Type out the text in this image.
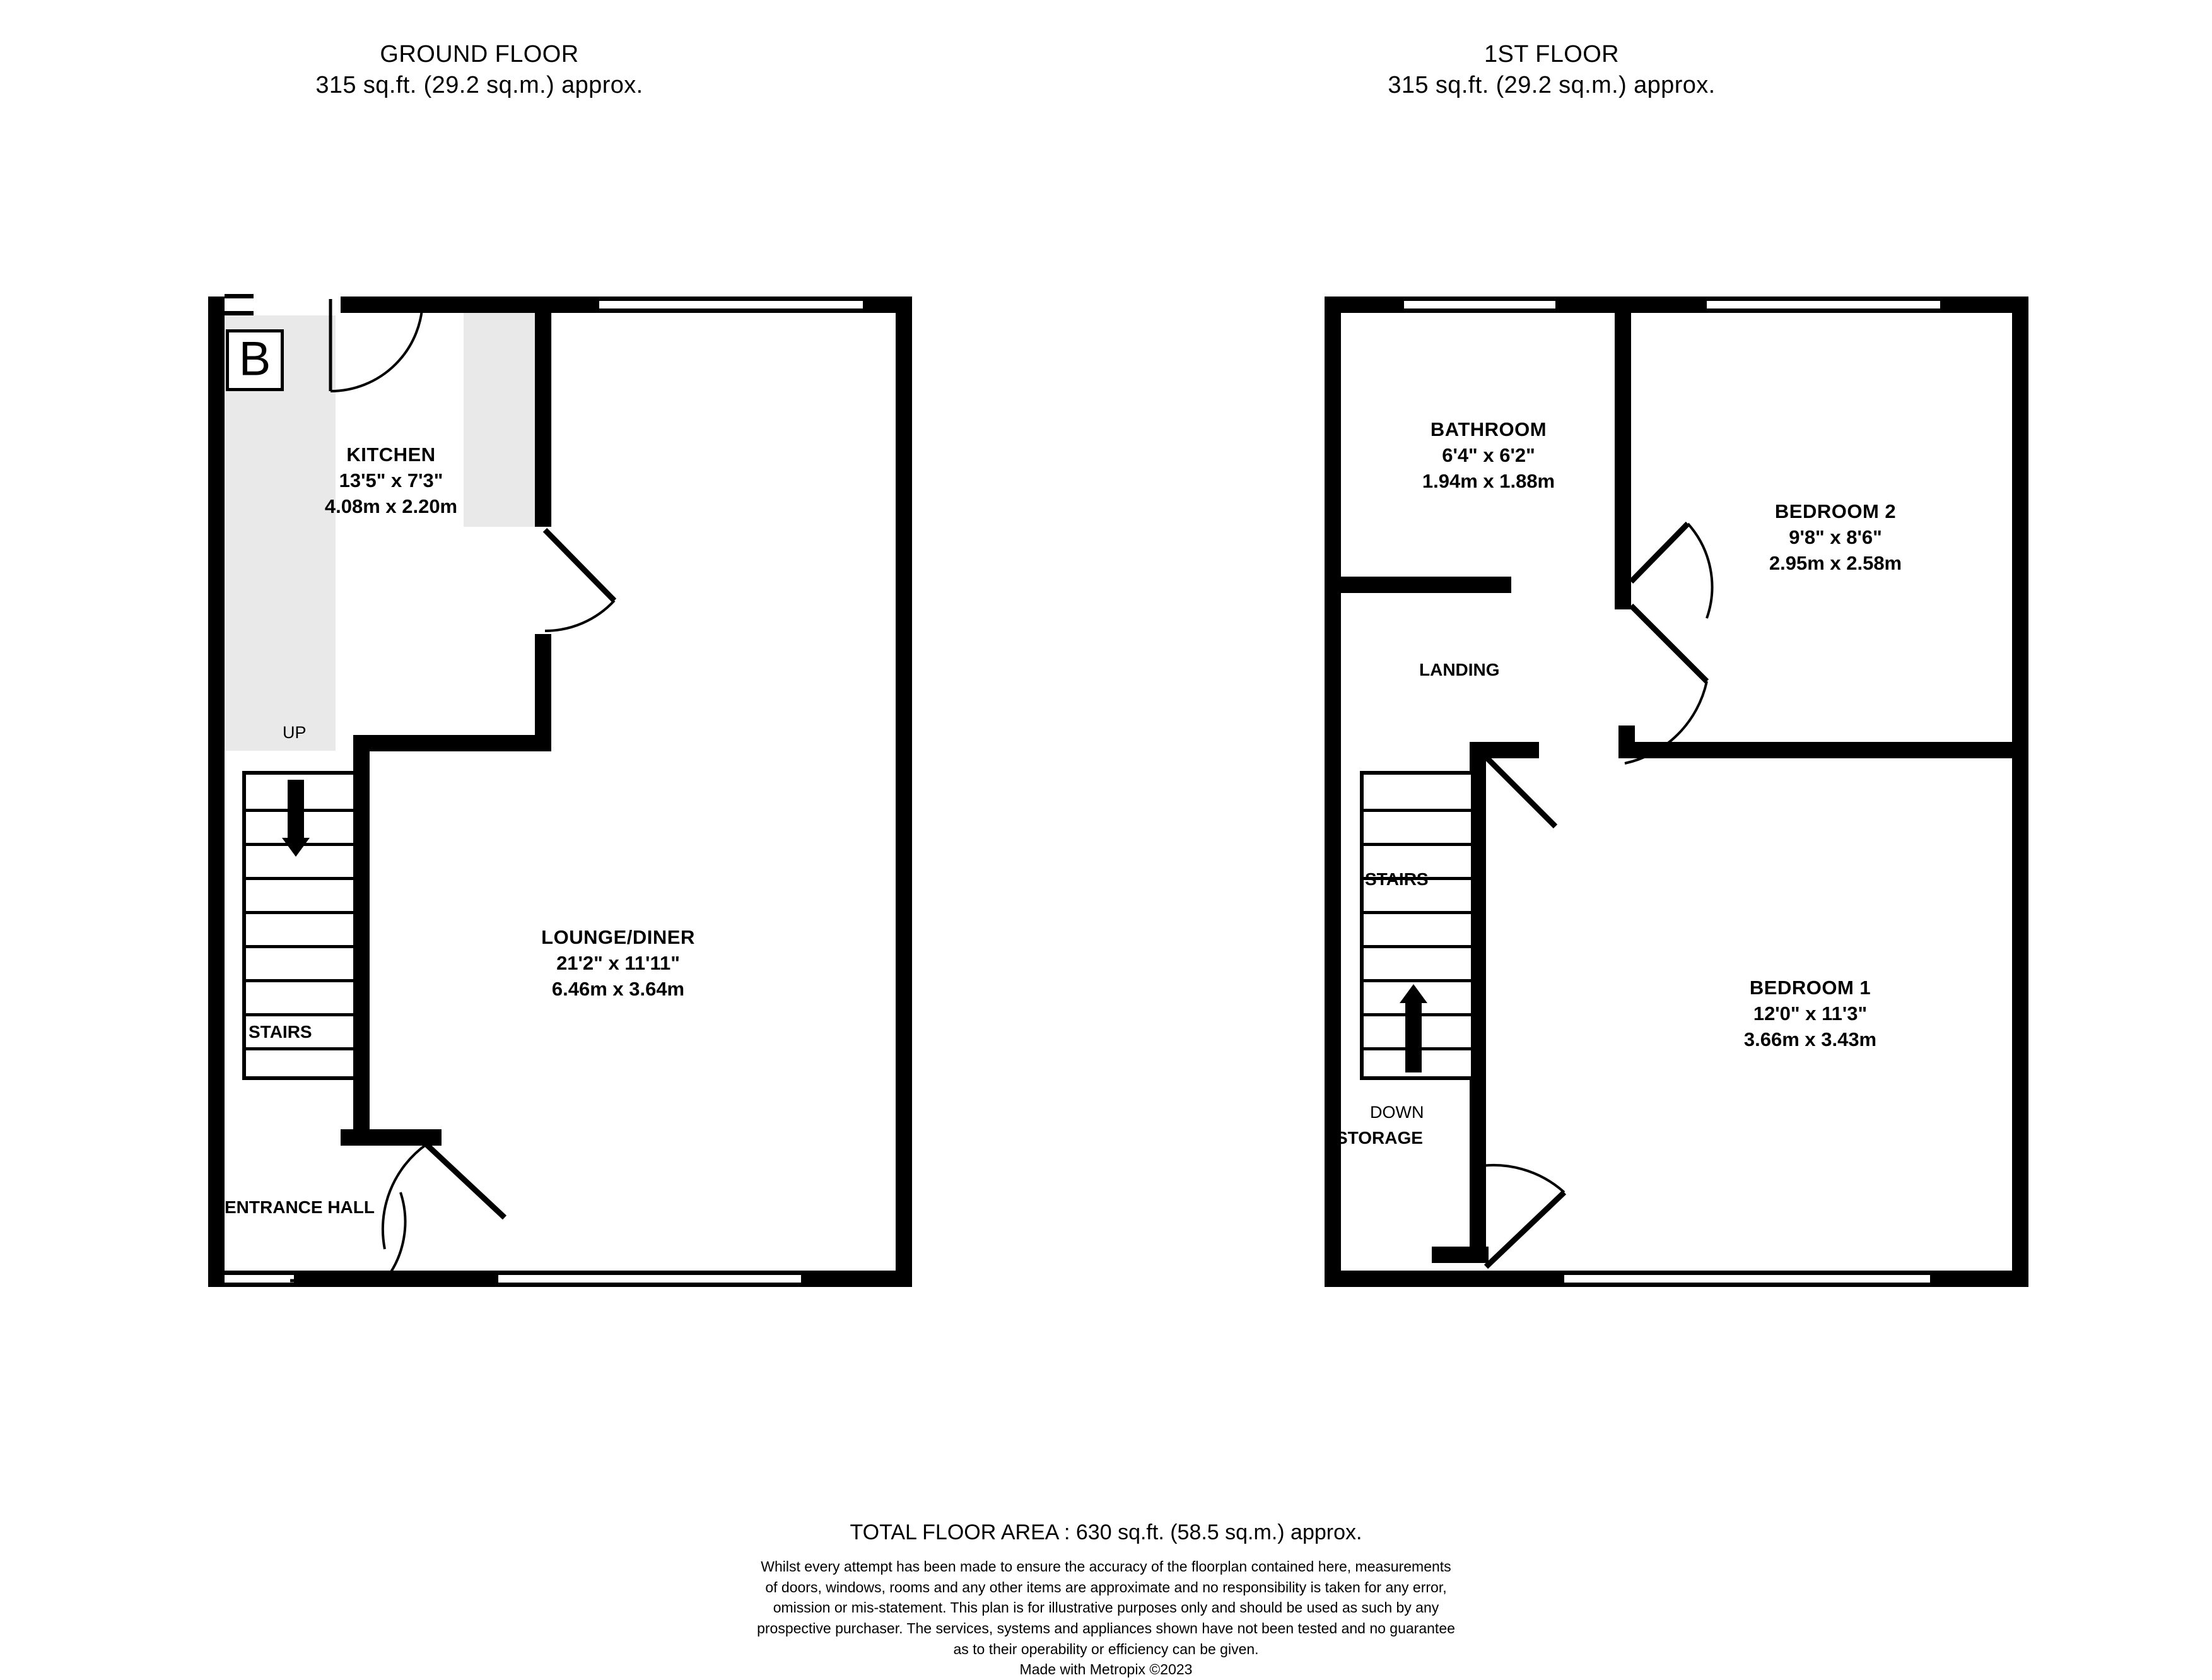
GROUND FLOOR
315 sq.ft. (29.2 sq.m.) approx.
1ST FLOOR
315 sq.ft. (29.2 sq.m.) approx.
KITCHEN
13'5" x 7'3"
4.08m x 2.20m
LOUNGE/DINER
21'2" x 11'11"
6.46m x 3.64m
UP
STAIRS
ENTRANCE HALL
B
BATHROOM
6'4" x 6'2"
1.94m x 1.88m
BEDROOM 2
9'8" x 8'6"
2.95m x 2.58m
BEDROOM 1
12'0" x 11'3"
3.66m x 3.43m
LANDING
STAIRS
DOWN
STORAGE
TOTAL FLOOR AREA : 630 sq.ft. (58.5 sq.m.) approx.
Whilst every attempt has been made to ensure the accuracy of the floorplan contained here, measurements
of doors, windows, rooms and any other items are approximate and no responsibility is taken for any error,
omission or mis-statement. This plan is for illustrative purposes only and should be used as such by any
prospective purchaser. The services, systems and appliances shown have not been tested and no guarantee
as to their operability or efficiency can be given.
Made with Metropix ©2023
